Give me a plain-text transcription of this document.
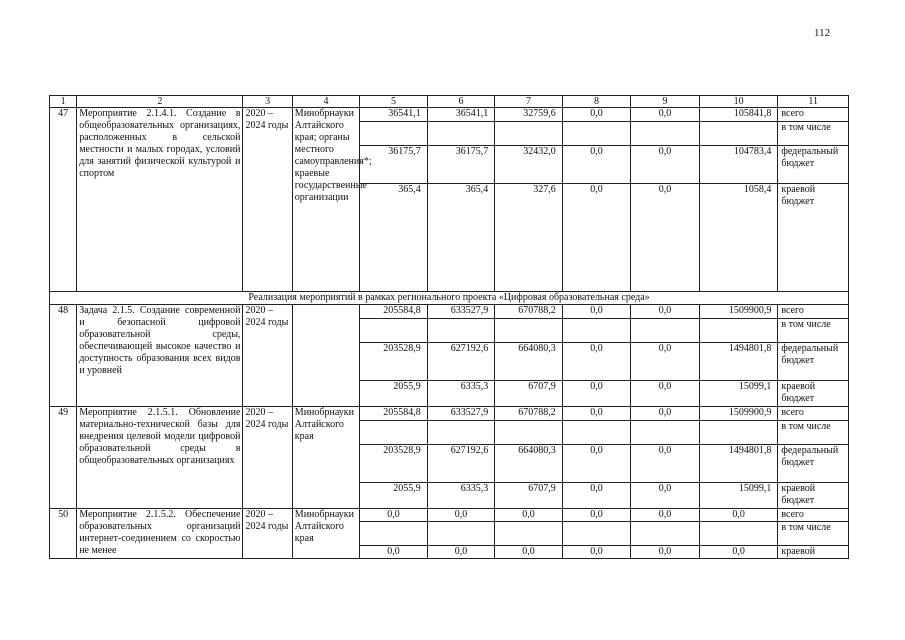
112
1	2	3	4	5	6	7	8	9	10	11
47	Мероприятие 2.1.4.1. Создание в общеобразовательных организациях, расположенных в сельской местности и малых городах, условий для занятий физической культурой и спортом	2020 – 2024 годы	Минобрнауки Алтайского края; органы местного самоуправления*; краевые государственные организации	36541,1	36541,1	32759,6	0,0	0,0	105841,8	всего
										в том числе
				36175,7	36175,7	32432,0	0,0	0,0	104783,4	федеральный бюджет
				365,4	365,4	327,6	0,0	0,0	1058,4	краевой бюджет
Реализация мероприятий в рамках регионального проекта «Цифровая образовательная среда»										
48	Задача 2.1.5. Создание современной и безопасной цифровой образовательной среды, обеспечивающей высокое качество и доступность образования всех видов и уровней	2020 – 2024 годы		205584,8	633527,9	670788,2	0,0	0,0	1509900,9	всего
										в том числе
				203528,9	627192,6	664080,3	0,0	0,0	1494801,8	федеральный бюджет
				2055,9	6335,3	6707,9	0,0	0,0	15099,1	краевой бюджет
49	Мероприятие 2.1.5.1. Обновление материально-технической базы для внедрения целевой модели цифровой образовательной среды в общеобразовательных организациях	2020 – 2024 годы	Минобрнауки Алтайского края	205584,8	633527,9	670788,2	0,0	0,0	1509900,9	всего
										в том числе
				203528,9	627192,6	664080,3	0,0	0,0	1494801,8	федеральный бюджет
				2055,9	6335,3	6707,9	0,0	0,0	15099,1	краевой бюджет
50	Мероприятие 2.1.5.2. Обеспечение образовательных организаций интернет-соединением со скоростью не менее	2020 – 2024 годы	Минобрнауки Алтайского края	0,0	0,0	0,0	0,0	0,0	0,0	всего
										в том числе
				0,0	0,0	0,0	0,0	0,0	0,0	краевой
